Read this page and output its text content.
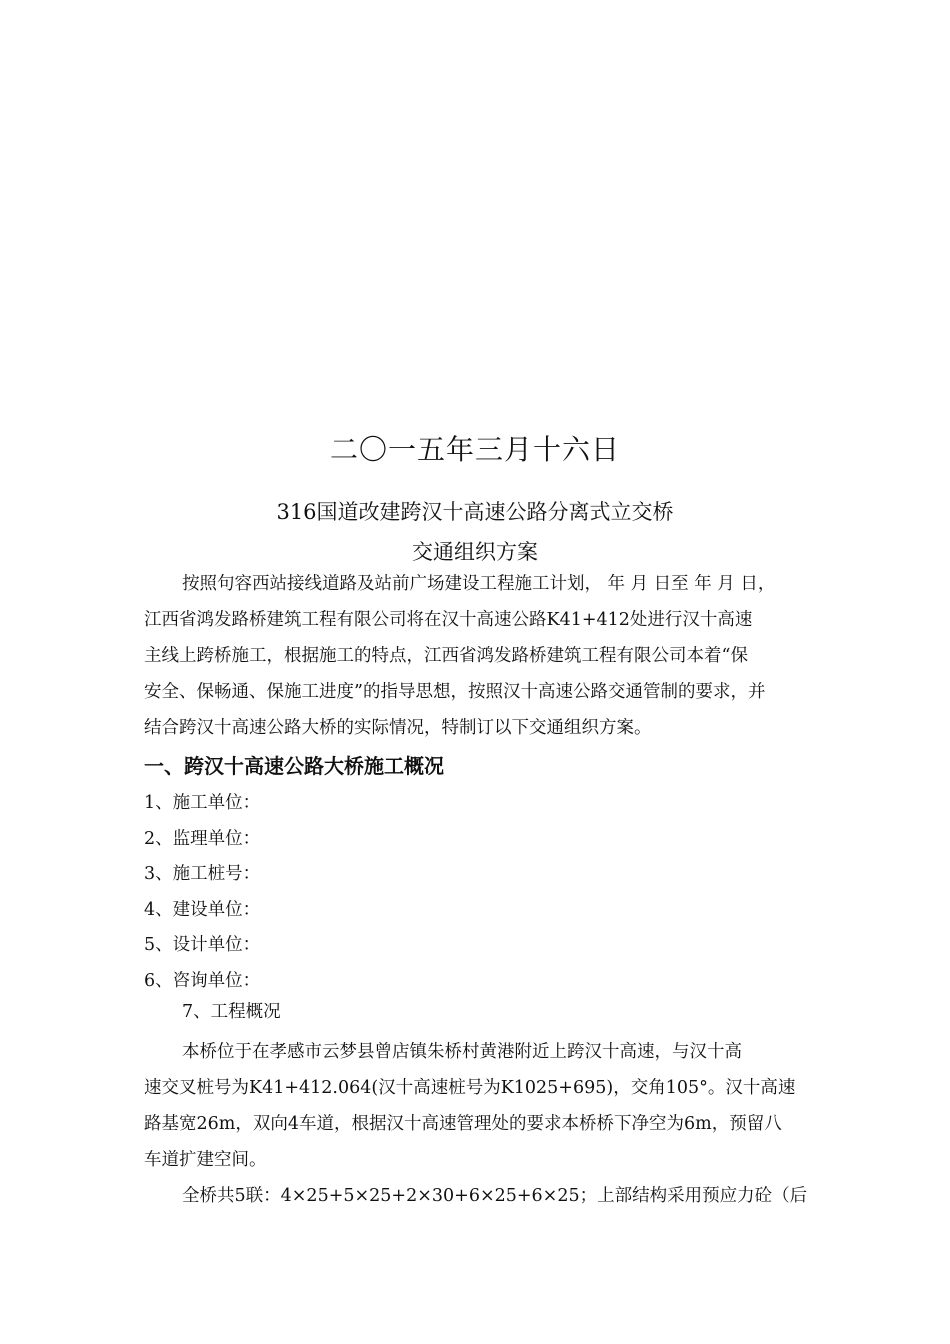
二〇一五年三月十六日
316国道改建跨汉十高速公路分离式立交桥
交通组织方案
按照句容西站接线道路及站前广场建设工程施工计划， 年 月 日至 年 月 日，
江西省鸿发路桥建筑工程有限公司将在汉十高速公路K41+412处进行汉十高速
主线上跨桥施工，根据施工的特点，江西省鸿发路桥建筑工程有限公司本着“保
安全、保畅通、保施工进度”的指导思想，按照汉十高速公路交通管制的要求，并
结合跨汉十高速公路大桥的实际情况，特制订以下交通组织方案。
一、跨汉十高速公路大桥施工概况
1、施工单位：
2、监理单位：
3、施工桩号：
4、建设单位：
5、设计单位：
6、咨询单位：
7、工程概况
本桥位于在孝感市云梦县曾店镇朱桥村黄港附近上跨汉十高速，与汉十高
速交叉桩号为K41+412.064(汉十高速桩号为K1025+695)，交角105°。汉十高速
路基宽26m，双向4车道，根据汉十高速管理处的要求本桥桥下净空为6m，预留八
车道扩建空间。
全桥共5联：4×25+5×25+2×30+6×25+6×25；上部结构采用预应力砼（后
